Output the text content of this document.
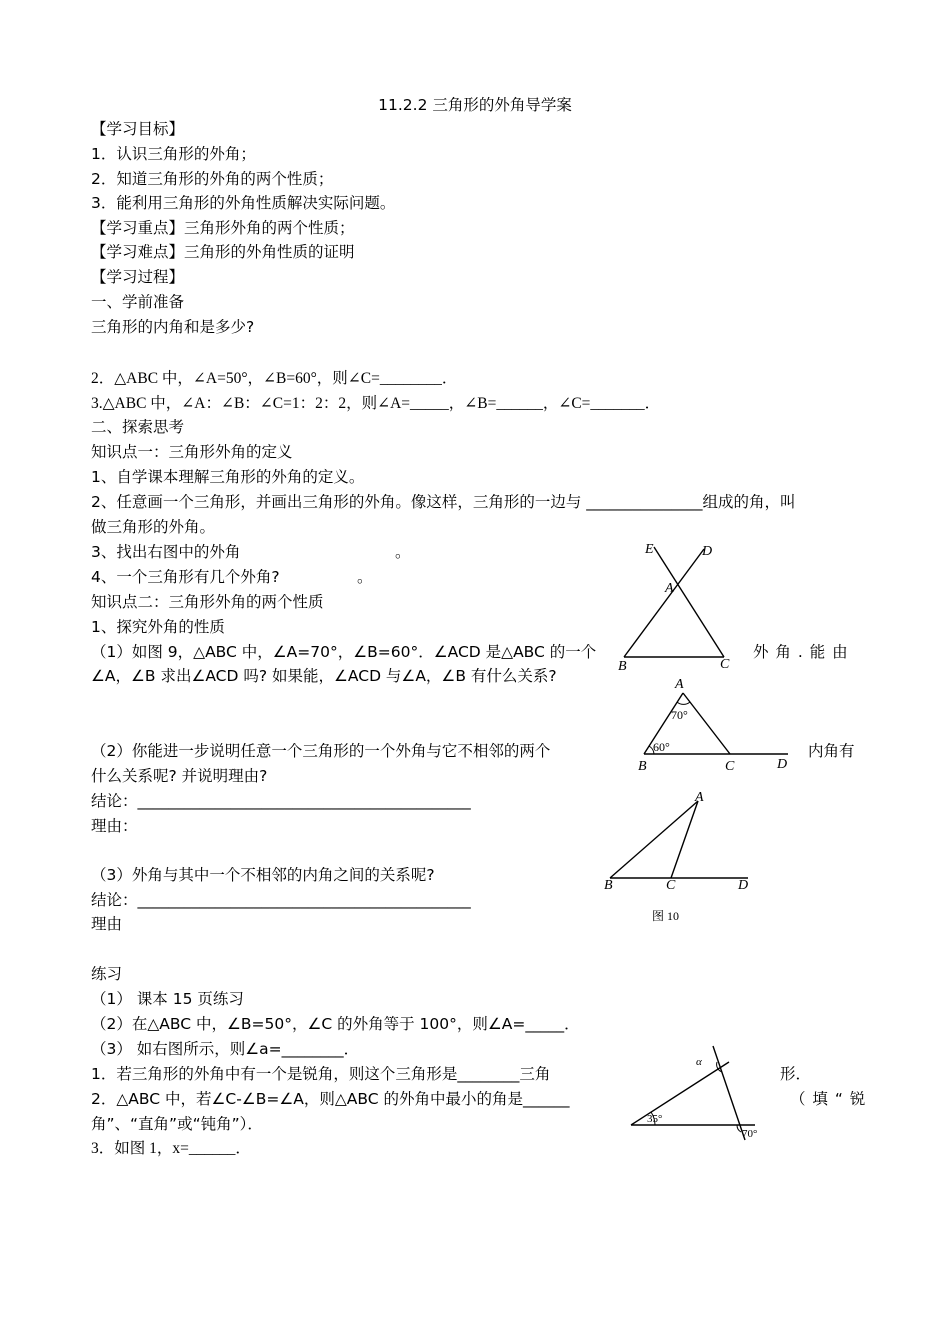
11.2.2 三角形的外角导学案
【学习目标】
1．认识三角形的外角；
2．知道三角形的外角的两个性质；
3．能利用三角形的外角性质解决实际问题。
【学习重点】三角形外角的两个性质；
【学习难点】三角形的外角性质的证明
【学习过程】
一、学前准备
三角形的内角和是多少?
2．△ABC 中，∠A=50°，∠B=60°，则∠C=________．
3.△ABC 中，∠A：∠B：∠C=1：2：2，则∠A=_____，∠B=______，∠C=_______．
二、探索思考
知识点一：三角形外角的定义
1、自学课本理解三角形的外角的定义。
2、任意画一个三角形，并画出三角形的外角。像这样，三角形的一边与 _______________组成的角，叫
做三角形的外角。
3、找出右图中的外角	。
4、一个三角形有几个外角?	。
知识点二：三角形外角的两个性质
1、探究外角的性质
（1）如图 9，△ABC 中，∠A=70°，∠B=60°．∠ACD 是△ABC 的一个	外 角 . 能 由
∠A，∠B 求出∠ACD 吗? 如果能，∠ACD 与∠A，∠B 有什么关系?
（2）你能进一步说明任意一个三角形的一个外角与它不相邻的两个	内角有
什么关系呢? 并说明理由?
结论：___________________________________________
理由：
（3）外角与其中一个不相邻的内角之间的关系呢?
结论：___________________________________________
理由
练习
（1） 课本 15 页练习
（2）在△ABC 中，∠B=50°，∠C 的外角等于 100°，则∠A=_____．
（3） 如右图所示，则∠a=________．
1．若三角形的外角中有一个是锐角，则这个三角形是________三角	形．
2．△ABC 中，若∠C-∠B=∠A，则△ABC 的外角中最小的角是______	（ 填 “ 锐
角”、“直角”或“钝角”）．
3．如图 1，x=______．
E	D
A
B	C
A
70°
60°
B	C	D
A
B	C	D
图 10
α
35°
70°
